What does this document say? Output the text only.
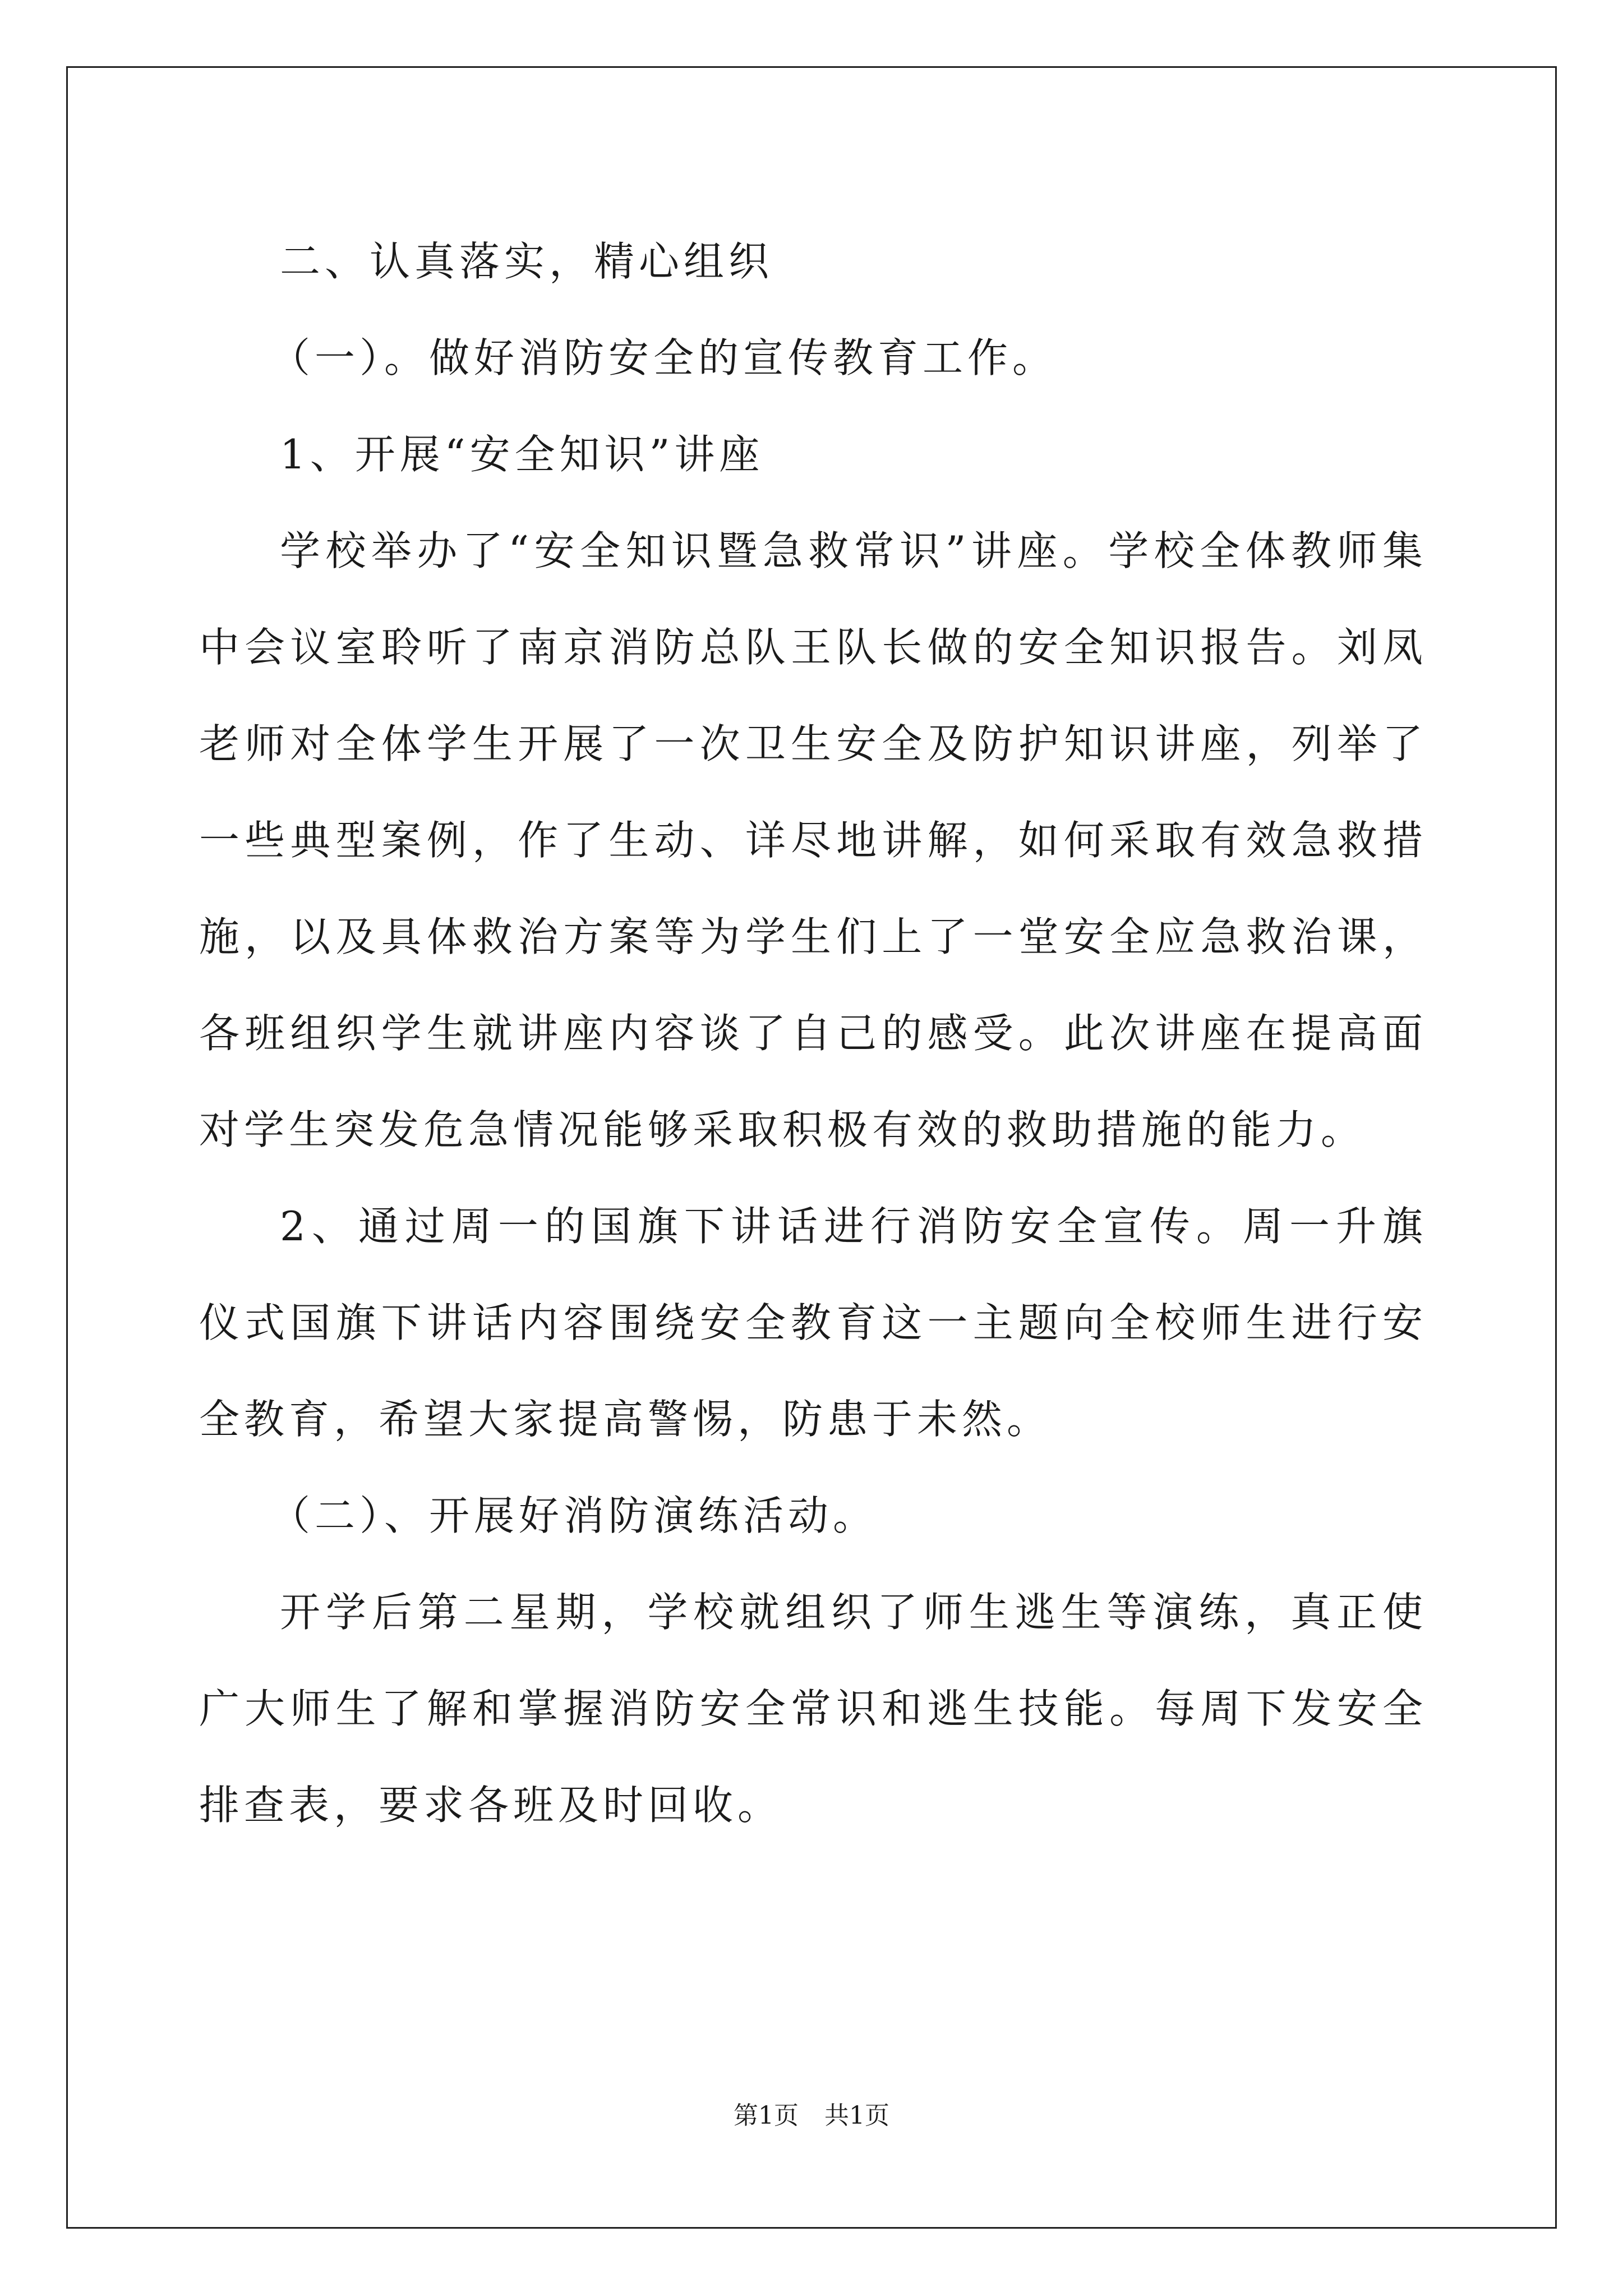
二、认真落实，精心组织

（一）。做好消防安全的宣传教育工作。

1、开展“安全知识”讲座

学校举办了“安全知识暨急救常识”讲座。学校全体教师集中会议室聆听了南京消防总队王队长做的安全知识报告。刘凤老师对全体学生开展了一次卫生安全及防护知识讲座，列举了一些典型案例，作了生动、详尽地讲解，如何采取有效急救措施，以及具体救治方案等为学生们上了一堂安全应急救治课，各班组织学生就讲座内容谈了自己的感受。此次讲座在提高面对学生突发危急情况能够采取积极有效的救助措施的能力。

2、通过周一的国旗下讲话进行消防安全宣传。周一升旗仪式国旗下讲话内容围绕安全教育这一主题向全校师生进行安全教育，希望大家提高警惕，防患于未然。

（二）、开展好消防演练活动。

开学后第二星期，学校就组织了师生逃生等演练，真正使广大师生了解和掌握消防安全常识和逃生技能。每周下发安全排查表，要求各班及时回收。

第1页 共1页
